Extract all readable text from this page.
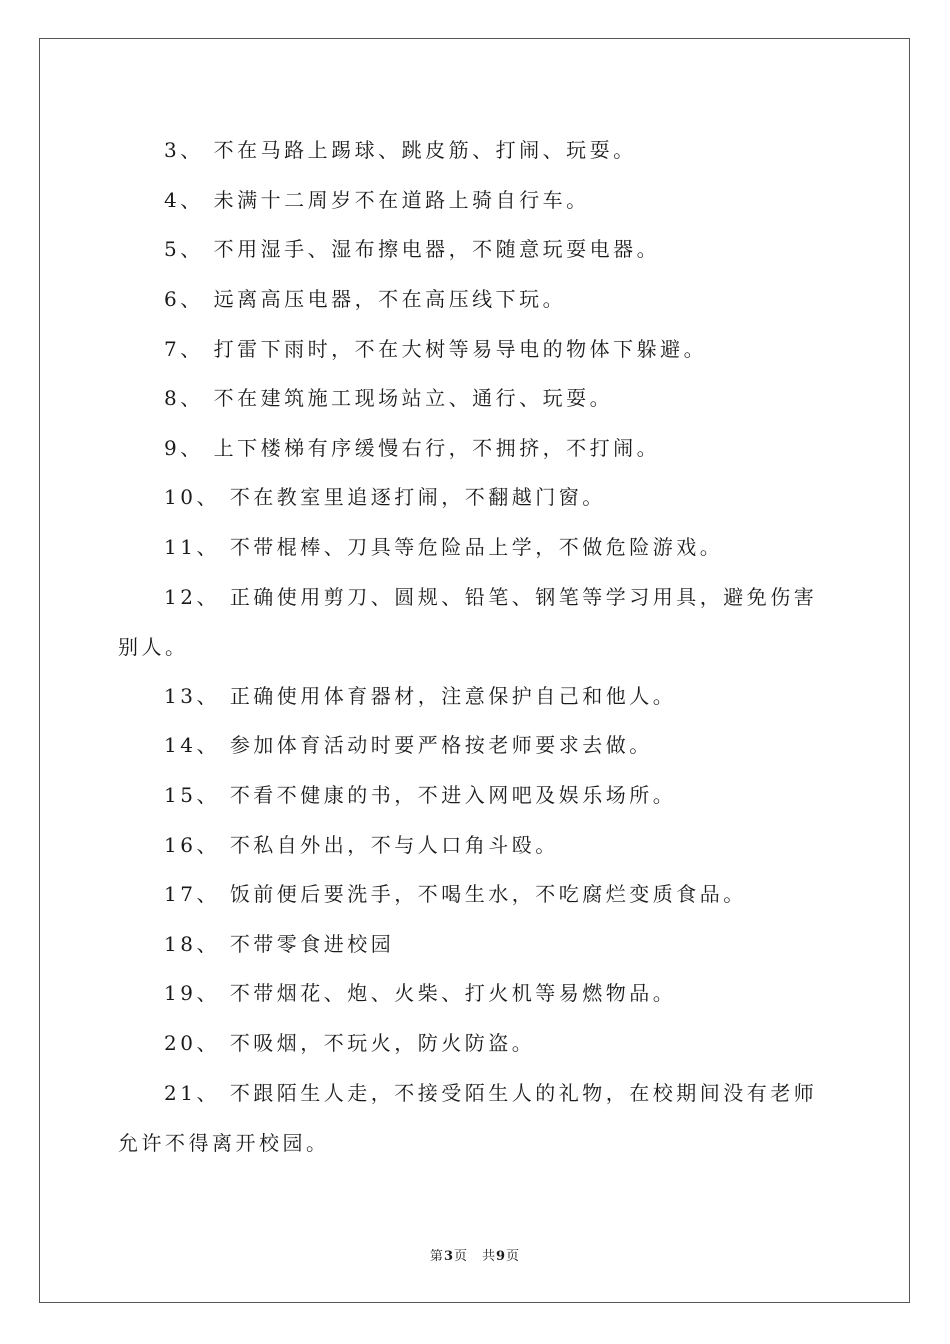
3、 不在马路上踢球、跳皮筋、打闹、玩耍。
4、 未满十二周岁不在道路上骑自行车。
5、 不用湿手、湿布擦电器，不随意玩耍电器。
6、 远离高压电器，不在高压线下玩。
7、 打雷下雨时，不在大树等易导电的物体下躲避。
8、 不在建筑施工现场站立、通行、玩耍。
9、 上下楼梯有序缓慢右行，不拥挤，不打闹。
10、 不在教室里追逐打闹，不翻越门窗。
11、 不带棍棒、刀具等危险品上学，不做危险游戏。
12、 正确使用剪刀、圆规、铅笔、钢笔等学习用具，避免伤害
别人。
13、 正确使用体育器材，注意保护自己和他人。
14、 参加体育活动时要严格按老师要求去做。
15、 不看不健康的书，不进入网吧及娱乐场所。
16、 不私自外出，不与人口角斗殴。
17、 饭前便后要洗手，不喝生水，不吃腐烂变质食品。
18、 不带零食进校园
19、 不带烟花、炮、火柴、打火机等易燃物品。
20、 不吸烟，不玩火，防火防盗。
21、 不跟陌生人走，不接受陌生人的礼物，在校期间没有老师
允许不得离开校园。
第3页　共9页
